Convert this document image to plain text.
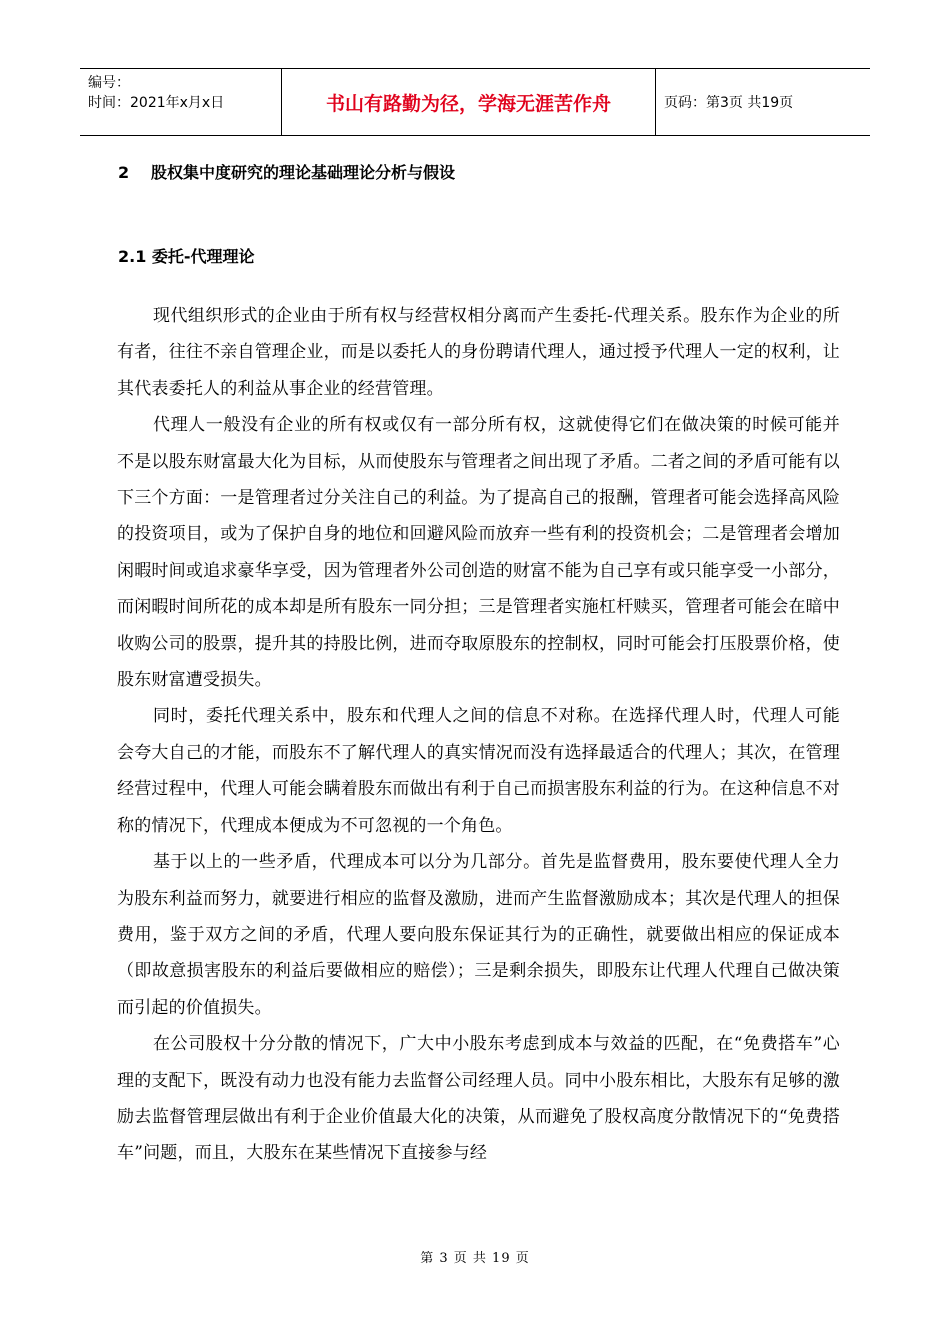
编号：
时间：2021年x月x日	书山有路勤为径，学海无涯苦作舟	页码：第3页 共19页
2 股权集中度研究的理论基础理论分析与假设
2.1 委托-代理理论

现代组织形式的企业由于所有权与经营权相分离而产生委托-代理关系。股东作为企业的所有者，往往不亲自管理企业，而是以委托人的身份聘请代理人，通过授予代理人一定的权利，让其代表委托人的利益从事企业的经营管理。

代理人一般没有企业的所有权或仅有一部分所有权，这就使得它们在做决策的时候可能并不是以股东财富最大化为目标，从而使股东与管理者之间出现了矛盾。二者之间的矛盾可能有以下三个方面：一是管理者过分关注自己的利益。为了提高自己的报酬，管理者可能会选择高风险的投资项目，或为了保护自身的地位和回避风险而放弃一些有利的投资机会；二是管理者会增加闲暇时间或追求豪华享受，因为管理者外公司创造的财富不能为自己享有或只能享受一小部分，而闲暇时间所花的成本却是所有股东一同分担；三是管理者实施杠杆赎买，管理者可能会在暗中收购公司的股票，提升其的持股比例，进而夺取原股东的控制权，同时可能会打压股票价格，使股东财富遭受损失。

同时，委托代理关系中，股东和代理人之间的信息不对称。在选择代理人时，代理人可能会夸大自己的才能，而股东不了解代理人的真实情况而没有选择最适合的代理人；其次，在管理经营过程中，代理人可能会瞒着股东而做出有利于自己而损害股东利益的行为。在这种信息不对称的情况下，代理成本便成为不可忽视的一个角色。

基于以上的一些矛盾，代理成本可以分为几部分。首先是监督费用，股东要使代理人全力为股东利益而努力，就要进行相应的监督及激励，进而产生监督激励成本；其次是代理人的担保费用，鉴于双方之间的矛盾，代理人要向股东保证其行为的正确性，就要做出相应的保证成本（即故意损害股东的利益后要做相应的赔偿）；三是剩余损失，即股东让代理人代理自己做决策而引起的价值损失。

在公司股权十分分散的情况下，广大中小股东考虑到成本与效益的匹配，在“免费搭车”心理的支配下，既没有动力也没有能力去监督公司经理人员。同中小股东相比，大股东有足够的激励去监督管理层做出有利于企业价值最大化的决策，从而避免了股权高度分散情况下的“免费搭车”问题，而且，大股东在某些情况下直接参与经

第 3 页 共 19 页
